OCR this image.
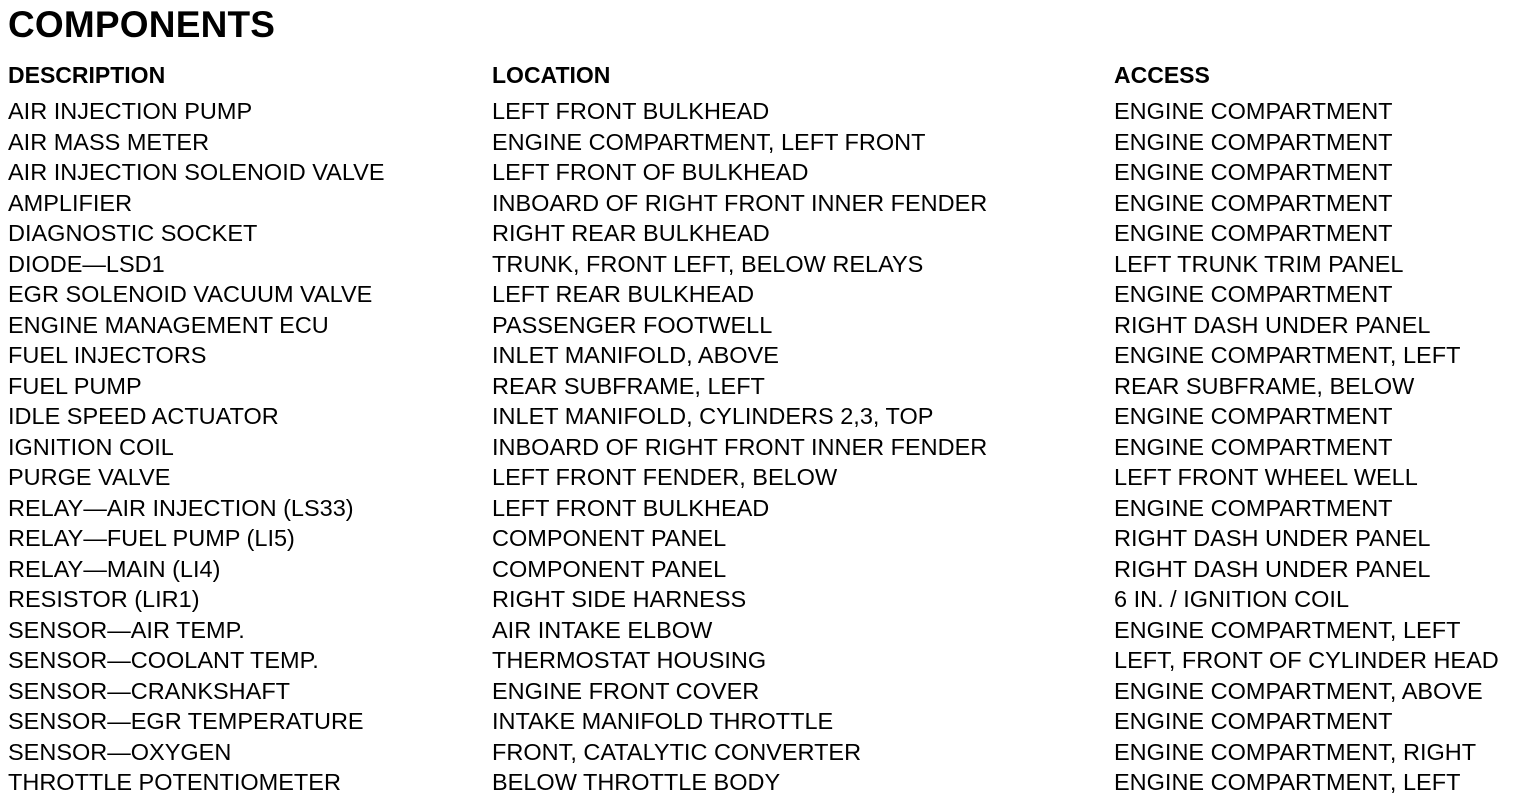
COMPONENTS
DESCRIPTION
AIR INJECTION PUMP
AIR MASS METER
AIR INJECTION SOLENOID VALVE
AMPLIFIER
DIAGNOSTIC SOCKET
DIODE—LSD1
EGR SOLENOID VACUUM VALVE
ENGINE MANAGEMENT ECU
FUEL INJECTORS
FUEL PUMP
IDLE SPEED ACTUATOR
IGNITION COIL
PURGE VALVE
RELAY—AIR INJECTION (LS33)
RELAY—FUEL PUMP (LI5)
RELAY—MAIN (LI4)
RESISTOR (LIR1)
SENSOR—AIR TEMP.
SENSOR—COOLANT TEMP.
SENSOR—CRANKSHAFT
SENSOR—EGR TEMPERATURE
SENSOR—OXYGEN
THROTTLE POTENTIOMETER
LOCATION
LEFT FRONT BULKHEAD
ENGINE COMPARTMENT, LEFT FRONT
LEFT FRONT OF BULKHEAD
INBOARD OF RIGHT FRONT INNER FENDER
RIGHT REAR BULKHEAD
TRUNK, FRONT LEFT, BELOW RELAYS
LEFT REAR BULKHEAD
PASSENGER FOOTWELL
INLET MANIFOLD, ABOVE
REAR SUBFRAME, LEFT
INLET MANIFOLD, CYLINDERS 2,3, TOP
INBOARD OF RIGHT FRONT INNER FENDER
LEFT FRONT FENDER, BELOW
LEFT FRONT BULKHEAD
COMPONENT PANEL
COMPONENT PANEL
RIGHT SIDE HARNESS
AIR INTAKE ELBOW
THERMOSTAT HOUSING
ENGINE FRONT COVER
INTAKE MANIFOLD THROTTLE
FRONT, CATALYTIC CONVERTER
BELOW THROTTLE BODY
ACCESS
ENGINE COMPARTMENT
ENGINE COMPARTMENT
ENGINE COMPARTMENT
ENGINE COMPARTMENT
ENGINE COMPARTMENT
LEFT TRUNK TRIM PANEL
ENGINE COMPARTMENT
RIGHT DASH UNDER PANEL
ENGINE COMPARTMENT, LEFT
REAR SUBFRAME, BELOW
ENGINE COMPARTMENT
ENGINE COMPARTMENT
LEFT FRONT WHEEL WELL
ENGINE COMPARTMENT
RIGHT DASH UNDER PANEL
RIGHT DASH UNDER PANEL
6 IN. / IGNITION COIL
ENGINE COMPARTMENT, LEFT
LEFT, FRONT OF CYLINDER HEAD
ENGINE COMPARTMENT, ABOVE
ENGINE COMPARTMENT
ENGINE COMPARTMENT, RIGHT
ENGINE COMPARTMENT, LEFT
